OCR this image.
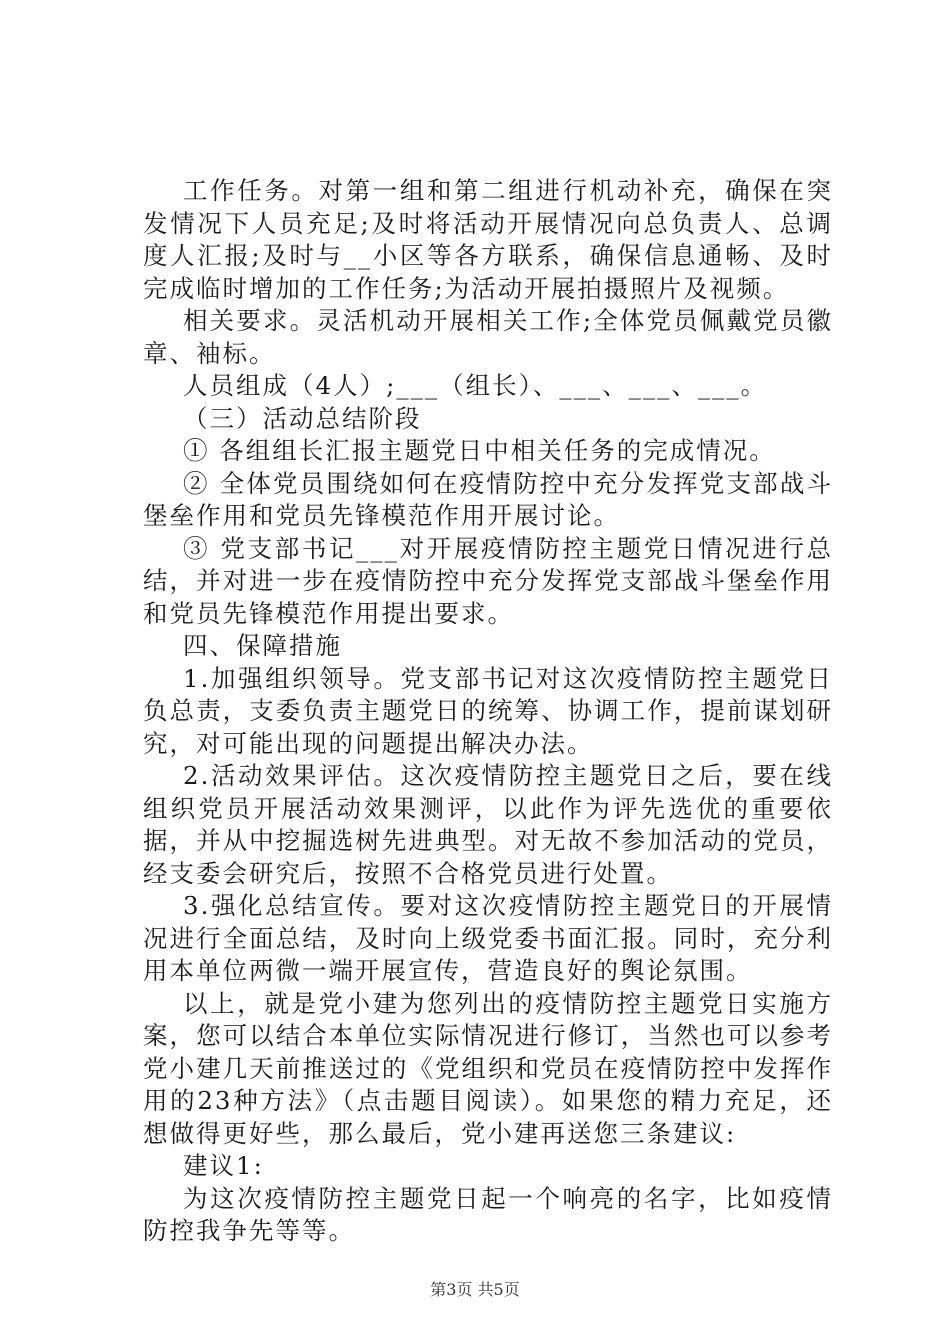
工作任务。对第一组和第二组进行机动补充，确保在突发情况下人员充足;及时将活动开展情况向总负责人、总调度人汇报;及时与__小区等各方联系，确保信息通畅、及时完成临时增加的工作任务;为活动开展拍摄照片及视频。

相关要求。灵活机动开展相关工作;全体党员佩戴党员徽章、袖标。

人员组成（4人）;___（组长）、___、___、___。

（三）活动总结阶段

① 各组组长汇报主题党日中相关任务的完成情况。

② 全体党员围绕如何在疫情防控中充分发挥党支部战斗堡垒作用和党员先锋模范作用开展讨论。

③ 党支部书记___对开展疫情防控主题党日情况进行总结，并对进一步在疫情防控中充分发挥党支部战斗堡垒作用和党员先锋模范作用提出要求。

四、保障措施

1.加强组织领导。党支部书记对这次疫情防控主题党日负总责，支委负责主题党日的统筹、协调工作，提前谋划研究，对可能出现的问题提出解决办法。

2.活动效果评估。这次疫情防控主题党日之后，要在线组织党员开展活动效果测评，以此作为评先选优的重要依据，并从中挖掘选树先进典型。对无故不参加活动的党员，经支委会研究后，按照不合格党员进行处置。

3.强化总结宣传。要对这次疫情防控主题党日的开展情况进行全面总结，及时向上级党委书面汇报。同时，充分利用本单位两微一端开展宣传，营造良好的舆论氛围。

以上，就是党小建为您列出的疫情防控主题党日实施方案，您可以结合本单位实际情况进行修订，当然也可以参考党小建几天前推送过的《党组织和党员在疫情防控中发挥作用的23种方法》（点击题目阅读）。如果您的精力充足，还想做得更好些，那么最后，党小建再送您三条建议:

建议1:

为这次疫情防控主题党日起一个响亮的名字，比如疫情防控我争先等等。

第3页 共5页
